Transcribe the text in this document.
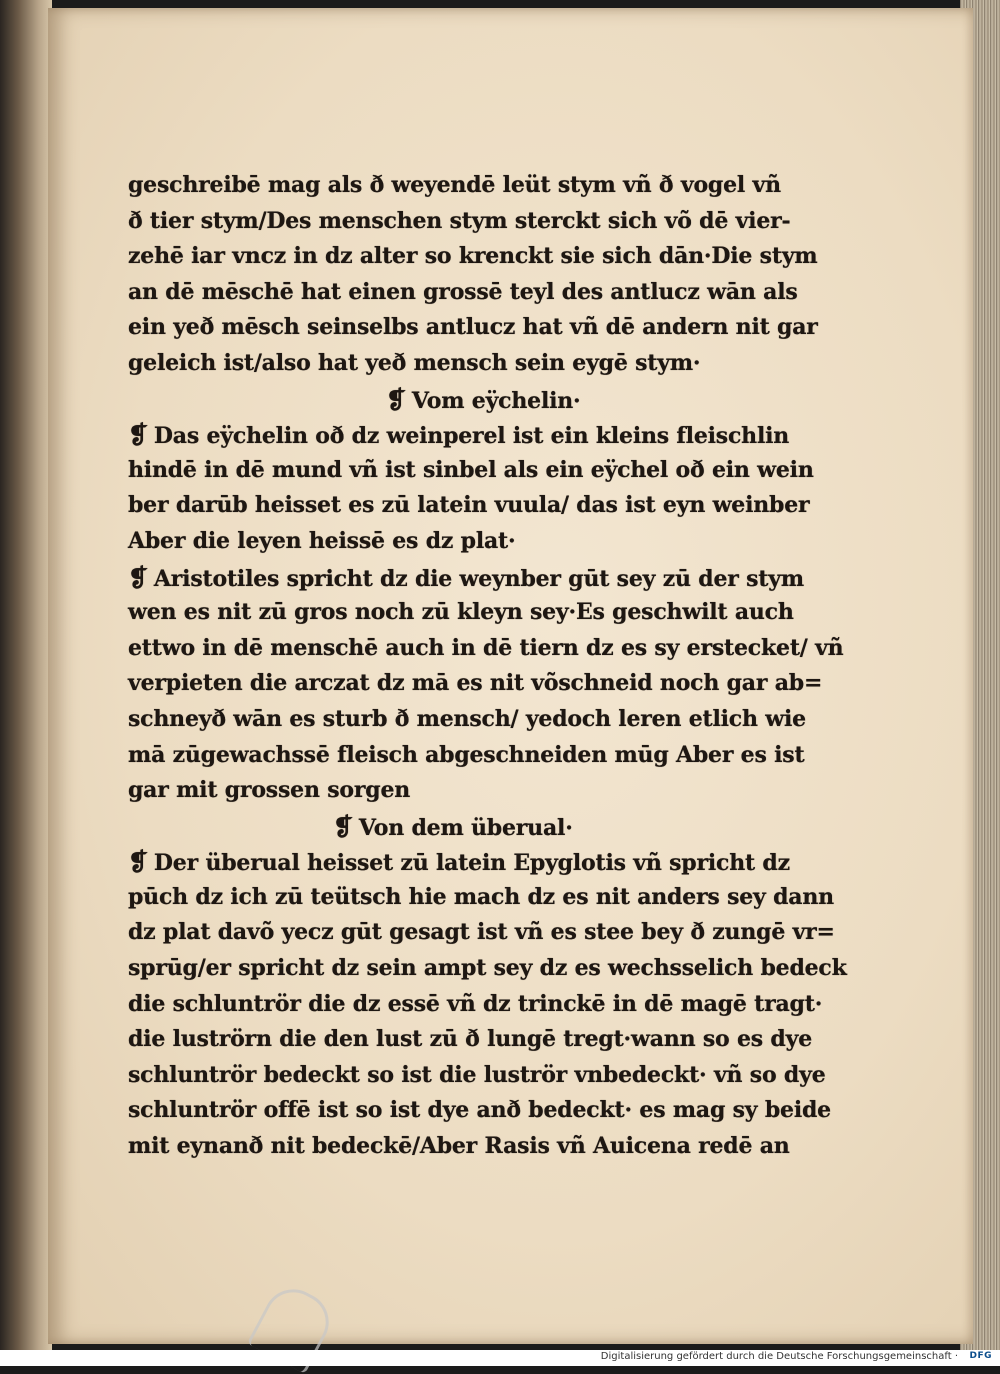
geschreibē mag als ð weyendē leüt stym vñ ð vogel vñ
ð tier stym/Des menschen stym sterckt sich võ dē vier-
zehē iar vncz in dz alter so krenckt sie sich dān·Die stym
an dē mēschē hat einen grossē teyl des antlucz wān als
ein yeð mēsch seinselbs antlucz hat vñ dē andern nit gar
geleich ist/also hat yeð mensch sein eygē stym·
❡ Vom eÿchelin·
❡ Das eÿchelin oð dz weinperel ist ein kleins fleischlin
hindē in dē mund vñ ist sinbel als ein eÿchel oð ein wein
ber darūb heisset es zū latein vuula/ das ist eyn weinber
Aber die leyen heissē es dz plat·
❡ Aristotiles spricht dz die weynber gūt sey zū der stym
wen es nit zū gros noch zū kleyn sey·Es geschwilt auch
ettwo in dē menschē auch in dē tiern dz es sy erstecket/ vñ
verpieten die arczat dz mā es nit võschneid noch gar ab=
schneyð wān es sturb ð mensch/ yedoch leren etlich wie
mā zūgewachssē fleisch abgeschneiden mūg Aber es ist
gar mit grossen sorgen
❡ Von dem überual·
❡ Der überual heisset zū latein Epyglotis vñ spricht dz
pūch dz ich zū teütsch hie mach dz es nit anders sey dann
dz plat davõ yecz gūt gesagt ist vñ es stee bey ð zungē vr=
sprūg/er spricht dz sein ampt sey dz es wechsselich bedeck
die schluntrör die dz essē vñ dz trinckē in dē magē tragt·
die luströrn die den lust zū ð lungē tregt·wann so es dye
schluntrör bedeckt so ist die luströr vnbedeckt· vñ so dye
schluntrör offē ist so ist dye anð bedeckt· es mag sy beide
mit eynanð nit bedeckē/Aber Rasis vñ Auicena redē an
Digitalisierung gefördert durch die Deutsche Forschungsgemeinschaft · DFG
